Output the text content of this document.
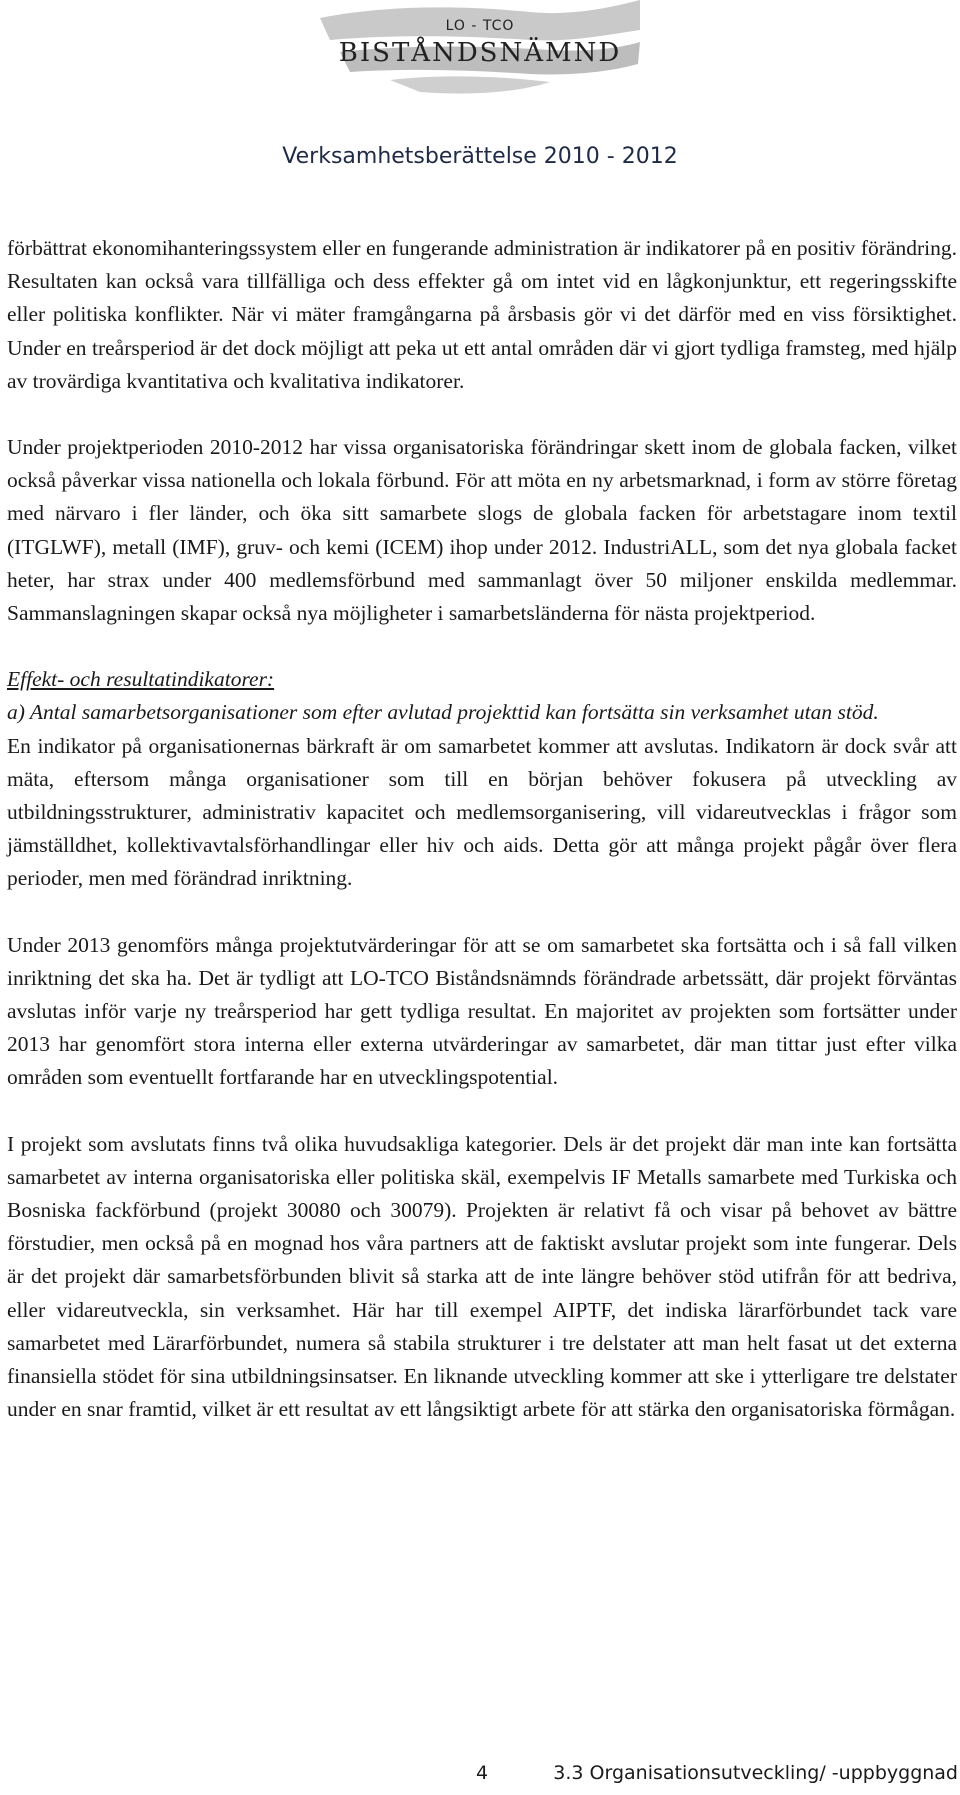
LO - TCO
BISTÅNDSNÄMND
Verksamhetsberättelse 2010 - 2012

förbättrat ekonomihanteringssystem eller en fungerande administration är indikatorer på en positiv förändring. Resultaten kan också vara tillfälliga och dess effekter gå om intet vid en lågkonjunktur, ett regeringsskifte eller politiska konflikter. När vi mäter framgångarna på årsbasis gör vi det därför med en viss försiktighet. Under en treårsperiod är det dock möjligt att peka ut ett antal områden där vi gjort tydliga framsteg, med hjälp av trovärdiga kvantitativa och kvalitativa indikatorer.

Under projektperioden 2010-2012 har vissa organisatoriska förändringar skett inom de globala facken, vilket också påverkar vissa nationella och lokala förbund. För att möta en ny arbetsmarknad, i form av större företag med närvaro i fler länder, och öka sitt samarbete slogs de globala facken för arbetstagare inom textil (ITGLWF), metall (IMF), gruv- och kemi (ICEM) ihop under 2012. IndustriALL, som det nya globala facket heter, har strax under 400 medlemsförbund med sammanlagt över 50 miljoner enskilda medlemmar. Sammanslagningen skapar också nya möjligheter i samarbetsländerna för nästa projektperiod.

Effekt- och resultatindikatorer:

a) Antal samarbetsorganisationer som efter avlutad projekttid kan fortsätta sin verksamhet utan stöd.

En indikator på organisationernas bärkraft är om samarbetet kommer att avslutas. Indikatorn är dock svår att mäta, eftersom många organisationer som till en början behöver fokusera på utveckling av utbildningsstrukturer, administrativ kapacitet och medlemsorganisering, vill vidareutvecklas i frågor som jämställdhet, kollektivavtalsförhandlingar eller hiv och aids. Detta gör att många projekt pågår över flera perioder, men med förändrad inriktning.

Under 2013 genomförs många projektutvärderingar för att se om samarbetet ska fortsätta och i så fall vilken inriktning det ska ha. Det är tydligt att LO-TCO Biståndsnämnds förändrade arbetssätt, där projekt förväntas avslutas inför varje ny treårsperiod har gett tydliga resultat. En majoritet av projekten som fortsätter under 2013 har genomfört stora interna eller externa utvärderingar av samarbetet, där man tittar just efter vilka områden som eventuellt fortfarande har en utvecklingspotential.

I projekt som avslutats finns två olika huvudsakliga kategorier. Dels är det projekt där man inte kan fortsätta samarbetet av interna organisatoriska eller politiska skäl, exempelvis IF Metalls samarbete med Turkiska och Bosniska fackförbund (projekt 30080 och 30079). Projekten är relativt få och visar på behovet av bättre förstudier, men också på en mognad hos våra partners att de faktiskt avslutar projekt som inte fungerar. Dels är det projekt där samarbetsförbunden blivit så starka att de inte längre behöver stöd utifrån för att bedriva, eller vidareutveckla, sin verksamhet. Här har till exempel AIPTF, det indiska lärarförbundet tack vare samarbetet med Lärarförbundet, numera så stabila strukturer i tre delstater att man helt fasat ut det externa finansiella stödet för sina utbildningsinsatser. En liknande utveckling kommer att ske i ytterligare tre delstater under en snar framtid, vilket är ett resultat av ett långsiktigt arbete för att stärka den organisatoriska förmågan.

4	3.3 Organisationsutveckling/ -uppbyggnad
